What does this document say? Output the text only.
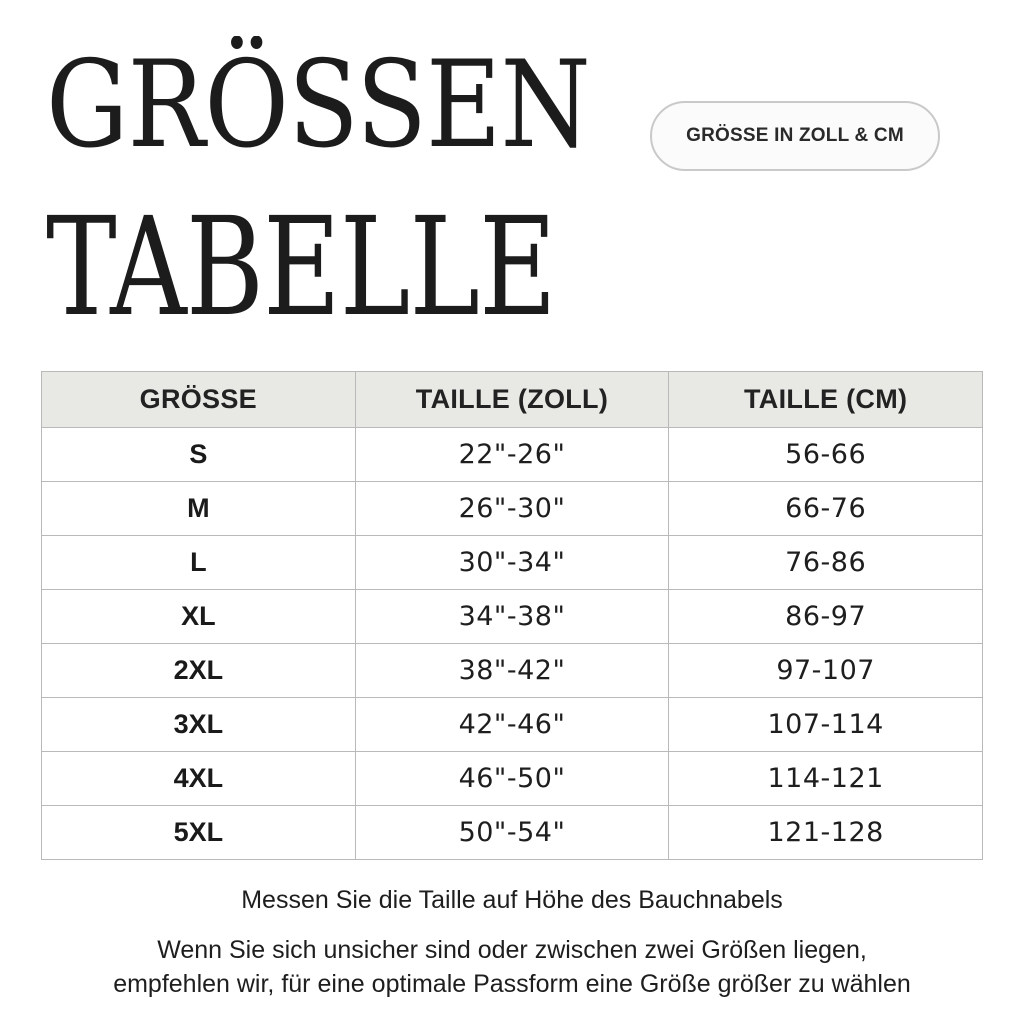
GRÖSSEN
TABELLE
GRÖSSE IN ZOLL & CM
GRÖSSE	TAILLE (ZOLL)	TAILLE (CM)
S	22"-26"	56-66
M	26"-30"	66-76
L	30"-34"	76-86
XL	34"-38"	86-97
2XL	38"-42"	97-107
3XL	42"-46"	107-114
4XL	46"-50"	114-121
5XL	50"-54"	121-128

Messen Sie die Taille auf Höhe des Bauchnabels

Wenn Sie sich unsicher sind oder zwischen zwei Größen liegen,
empfehlen wir, für eine optimale Passform eine Größe größer zu wählen
